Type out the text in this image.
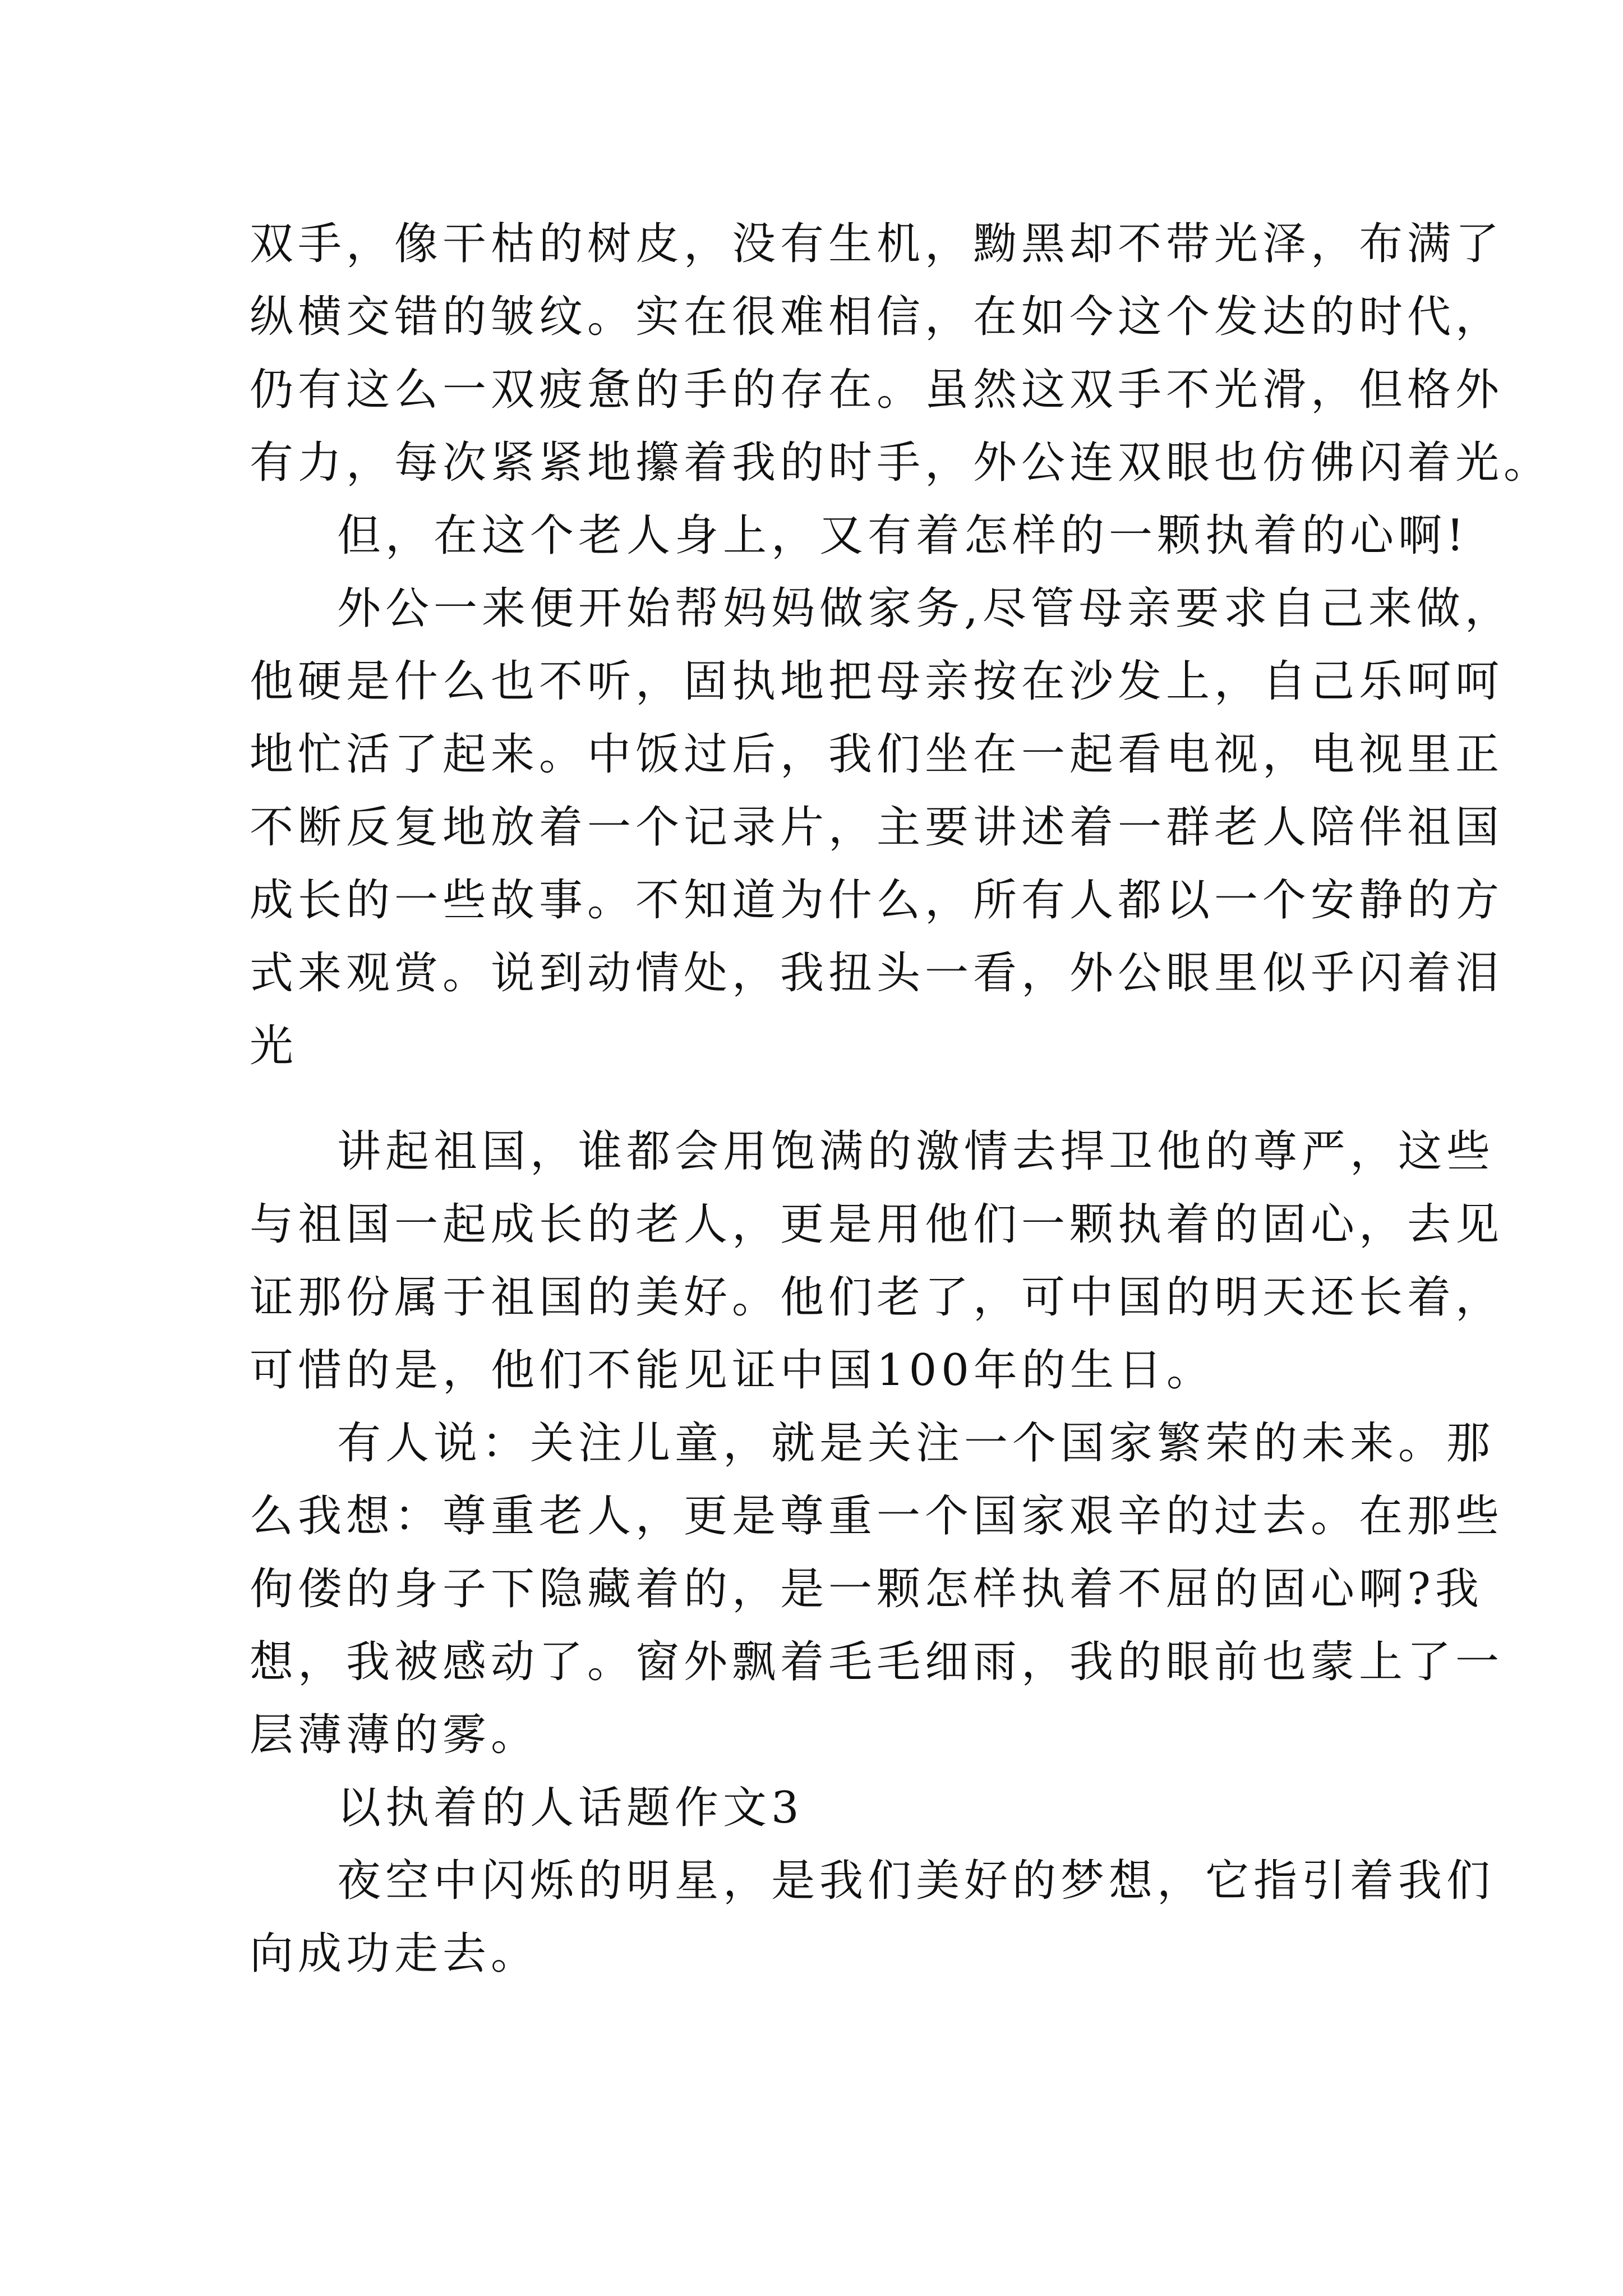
双手，像干枯的树皮，没有生机，黝黑却不带光泽，布满了
纵横交错的皱纹。实在很难相信，在如今这个发达的时代，
仍有这么一双疲惫的手的存在。虽然这双手不光滑，但格外
有力，每次紧紧地攥着我的时手，外公连双眼也仿佛闪着光。
但，在这个老人身上，又有着怎样的一颗执着的心啊!
外公一来便开始帮妈妈做家务,尽管母亲要求自己来做，
他硬是什么也不听，固执地把母亲按在沙发上，自己乐呵呵
地忙活了起来。中饭过后，我们坐在一起看电视，电视里正
不断反复地放着一个记录片，主要讲述着一群老人陪伴祖国
成长的一些故事。不知道为什么，所有人都以一个安静的方
式来观赏。说到动情处，我扭头一看，外公眼里似乎闪着泪
光
讲起祖国，谁都会用饱满的激情去捍卫他的尊严，这些
与祖国一起成长的老人，更是用他们一颗执着的固心，去见
证那份属于祖国的美好。他们老了，可中国的明天还长着，
可惜的是，他们不能见证中国100年的生日。
有人说：关注儿童，就是关注一个国家繁荣的未来。那
么我想：尊重老人，更是尊重一个国家艰辛的过去。在那些
佝偻的身子下隐藏着的，是一颗怎样执着不屈的固心啊?我
想，我被感动了。窗外飘着毛毛细雨，我的眼前也蒙上了一
层薄薄的雾。
以执着的人话题作文3
夜空中闪烁的明星，是我们美好的梦想，它指引着我们
向成功走去。
